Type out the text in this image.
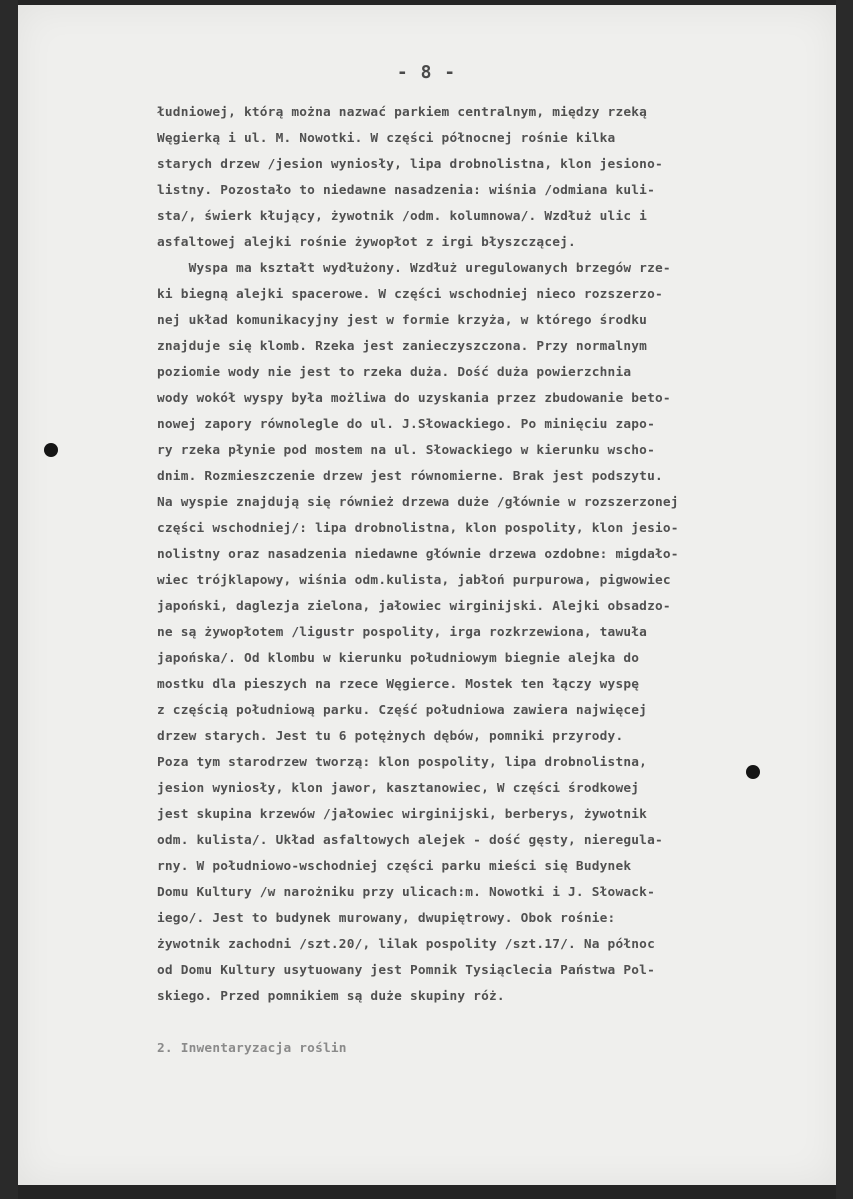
- 8 -
łudniowej, którą można nazwać parkiem centralnym, między rzeką
Węgierką i ul. M. Nowotki. W części północnej rośnie kilka
starych drzew /jesion wyniosły, lipa drobnolistna, klon jesiono-
listny. Pozostało to niedawne nasadzenia: wiśnia /odmiana kuli-
sta/, świerk kłujący, żywotnik /odm. kolumnowa/. Wzdłuż ulic i
asfaltowej alejki rośnie żywopłot z irgi błyszczącej.
Wyspa ma kształt wydłużony. Wzdłuż uregulowanych brzegów rze-
ki biegną alejki spacerowe. W części wschodniej nieco rozszerzo-
nej układ komunikacyjny jest w formie krzyża, w którego środku
znajduje się klomb. Rzeka jest zanieczyszczona. Przy normalnym
poziomie wody nie jest to rzeka duża. Dość duża powierzchnia
wody wokół wyspy była możliwa do uzyskania przez zbudowanie beto-
nowej zapory równolegle do ul. J.Słowackiego. Po minięciu zapo-
ry rzeka płynie pod mostem na ul. Słowackiego w kierunku wscho-
dnim. Rozmieszczenie drzew jest równomierne. Brak jest podszytu.
Na wyspie znajdują się również drzewa duże /głównie w rozszerzonej
części wschodniej/: lipa drobnolistna, klon pospolity, klon jesio-
nolistny oraz nasadzenia niedawne głównie drzewa ozdobne: migdało-
wiec trójklapowy, wiśnia odm.kulista, jabłoń purpurowa, pigwowiec
japoński, daglezja zielona, jałowiec wirginijski. Alejki obsadzo-
ne są żywopłotem /ligustr pospolity, irga rozkrzewiona, tawuła
japońska/. Od klombu w kierunku południowym biegnie alejka do
mostku dla pieszych na rzece Węgierce. Mostek ten łączy wyspę
z częścią południową parku. Część południowa zawiera najwięcej
drzew starych. Jest tu 6 potężnych dębów, pomniki przyrody.
Poza tym starodrzew tworzą: klon pospolity, lipa drobnolistna,
jesion wyniosły, klon jawor, kasztanowiec, W części środkowej
jest skupina krzewów /jałowiec wirginijski, berberys, żywotnik
odm. kulista/. Układ asfaltowych alejek - dość gęsty, nieregula-
rny. W południowo-wschodniej części parku mieści się Budynek
Domu Kultury /w narożniku przy ulicach:m. Nowotki i J. Słowack-
iego/. Jest to budynek murowany, dwupiętrowy. Obok rośnie:
żywotnik zachodni /szt.20/, lilak pospolity /szt.17/. Na północ
od Domu Kultury usytuowany jest Pomnik Tysiąclecia Państwa Pol-
skiego. Przed pomnikiem są duże skupiny róż.
2. Inwentaryzacja roślin
